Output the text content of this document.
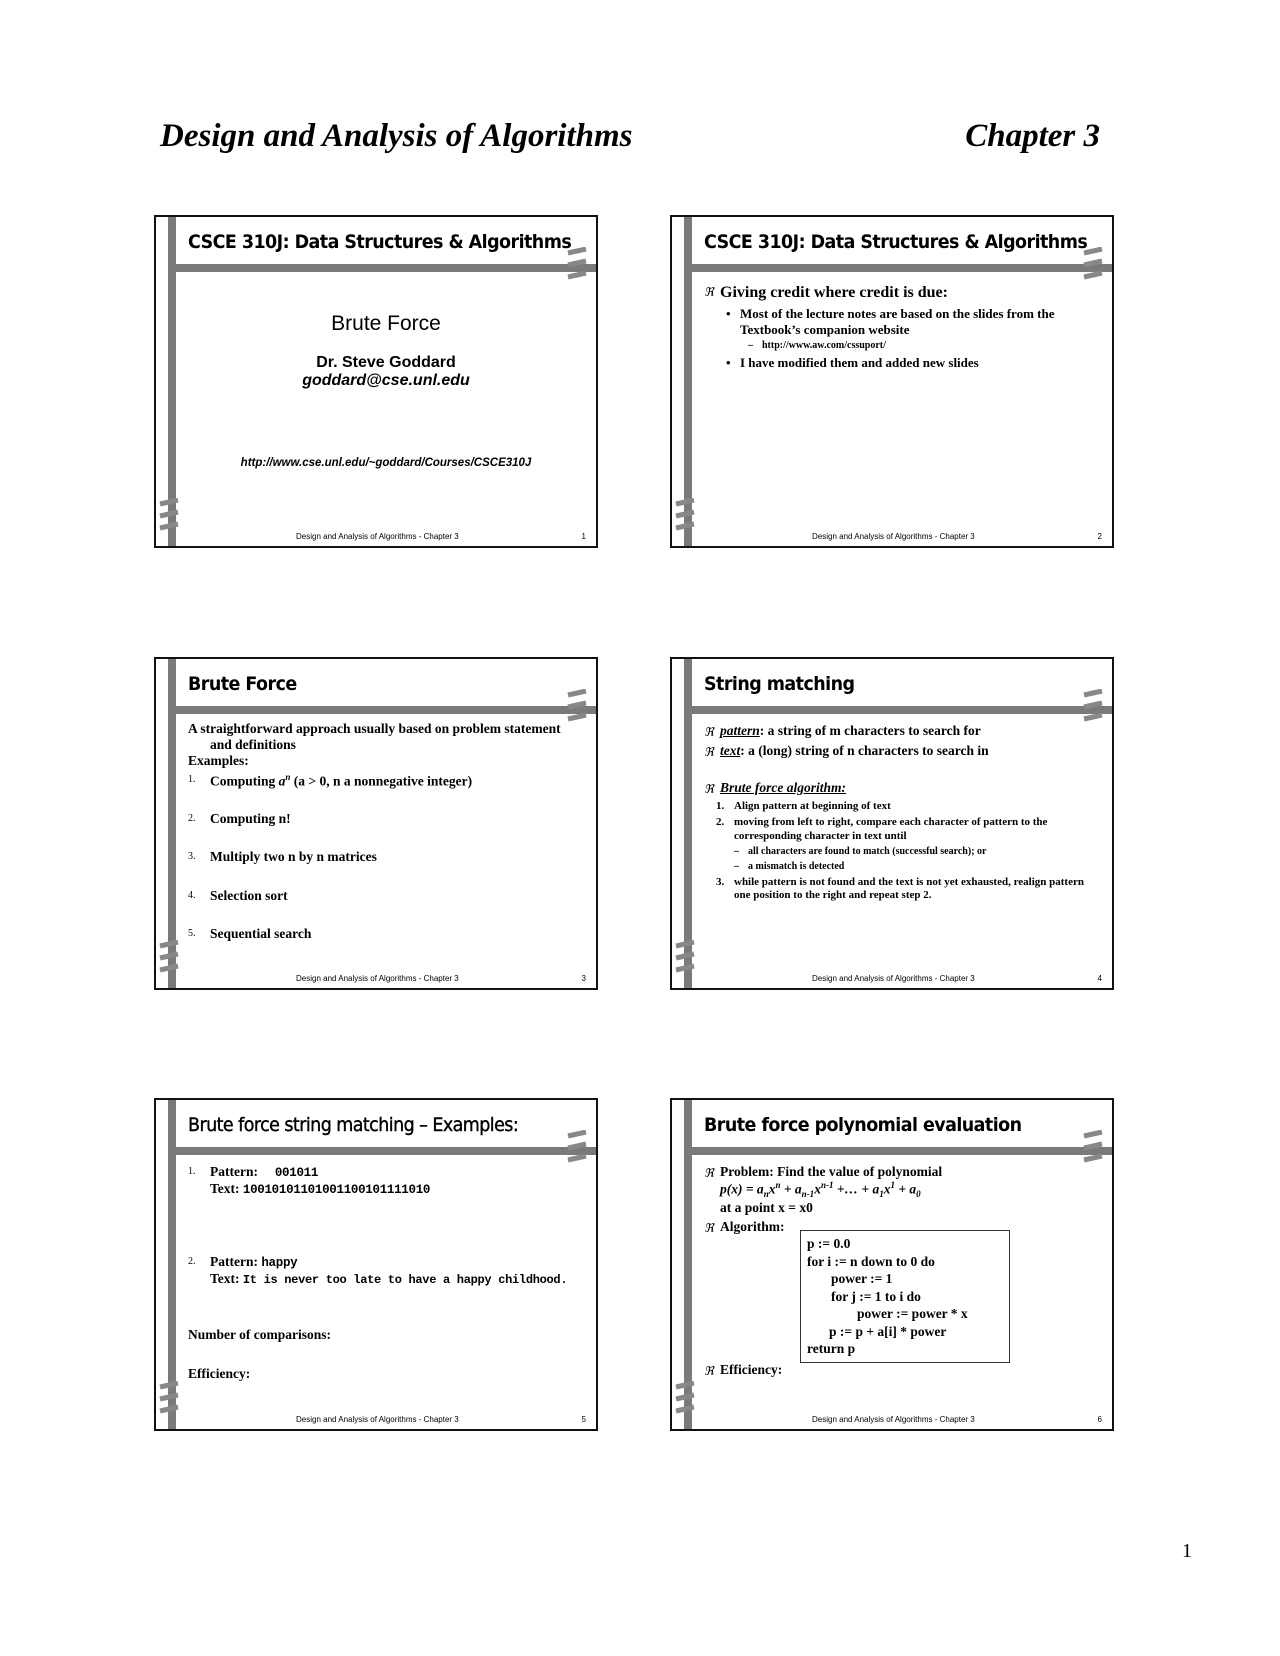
Design and Analysis of Algorithms	Chapter 3
CSCE 310J: Data Structures & Algorithms
Brute Force
Dr. Steve Goddard
goddard@cse.unl.edu
http://www.cse.unl.edu/~goddard/Courses/CSCE310J
Design and Analysis of Algorithms - Chapter 3	1
CSCE 310J: Data Structures & Algorithms
ℜ Giving credit where credit is due:
• Most of the lecture notes are based on the slides from the Textbook’s companion website
– http://www.aw.com/cssuport/
• I have modified them and added new slides
Design and Analysis of Algorithms - Chapter 3	2
Brute Force
A straightforward approach usually based on problem statement and definitions
Examples:
1.	Computing $a^n$ (a > 0, n a nonnegative integer)
2.	Computing n!
3.	Multiply two n by n matrices
4.	Selection sort
5.	Sequential search
Design and Analysis of Algorithms - Chapter 3	3
String matching
ℜ pattern: a string of m characters to search for
ℜ text: a (long) string of n characters to search in
ℜ Brute force algorithm:
1. Align pattern at beginning of text
2. moving from left to right, compare each character of pattern to the corresponding character in text until
– all characters are found to match (successful search); or
– a mismatch is detected
3. while pattern is not found and the text is not yet exhausted, realign pattern one position to the right and repeat step 2.
Design and Analysis of Algorithms - Chapter 3	4
Brute force string matching – Examples:
1.	Pattern: 001011
Text: 10010101101001100101111010
2.	Pattern: happy
Text: It is never too late to have a happy childhood.
Number of comparisons:
Efficiency:
Design and Analysis of Algorithms - Chapter 3	5
Brute force polynomial evaluation
ℜ Problem: Find the value of polynomial
$p(x) = a_nx^n + a_{n-1}x^{n-1}$ +… + $a_1x^1 + a_0$
at a point x = x0
ℜ Algorithm:
p := 0.0
for i := n down to 0 do
power := 1
for j := 1 to i do
power := power * x
p := p + a[i] * power
return p
ℜ Efficiency:
Design and Analysis of Algorithms - Chapter 3	6
1
